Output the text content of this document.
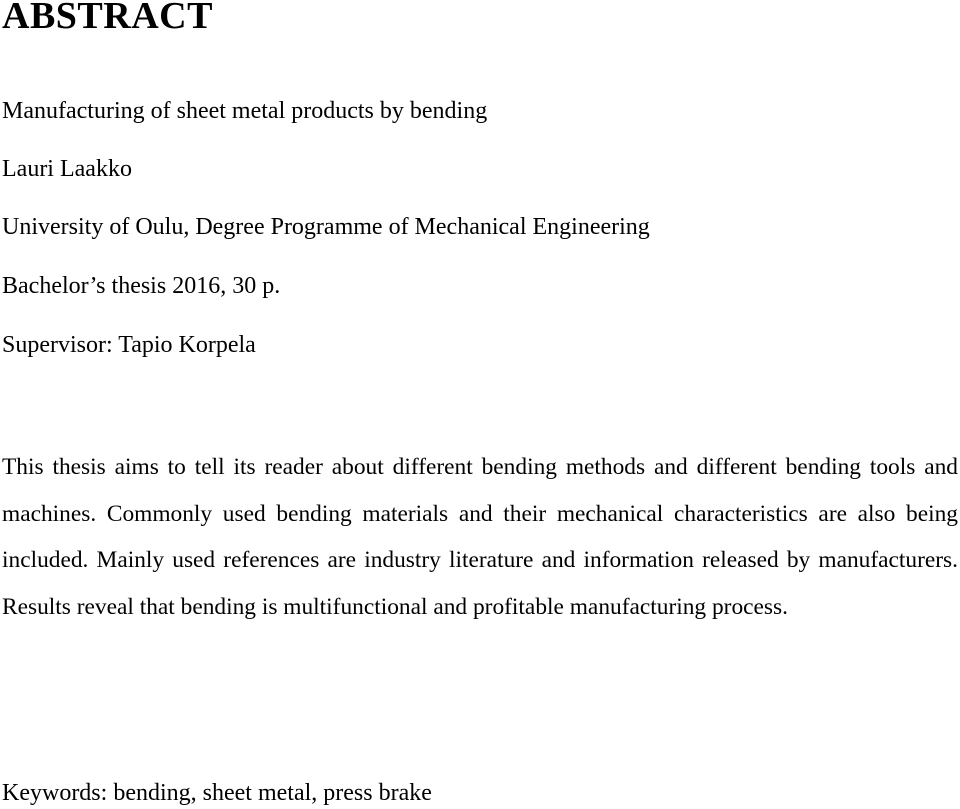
ABSTRACT

Manufacturing of sheet metal products by bending

Lauri Laakko

University of Oulu, Degree Programme of Mechanical Engineering

Bachelor’s thesis 2016, 30 p.

Supervisor: Tapio Korpela

This thesis aims to tell its reader about different bending methods and different bending tools and machines. Commonly used bending materials and their mechanical characteristics are also being included. Mainly used references are industry literature and information released by manufacturers. Results reveal that bending is multifunctional and profitable manufacturing process.

Keywords: bending, sheet metal, press brake
